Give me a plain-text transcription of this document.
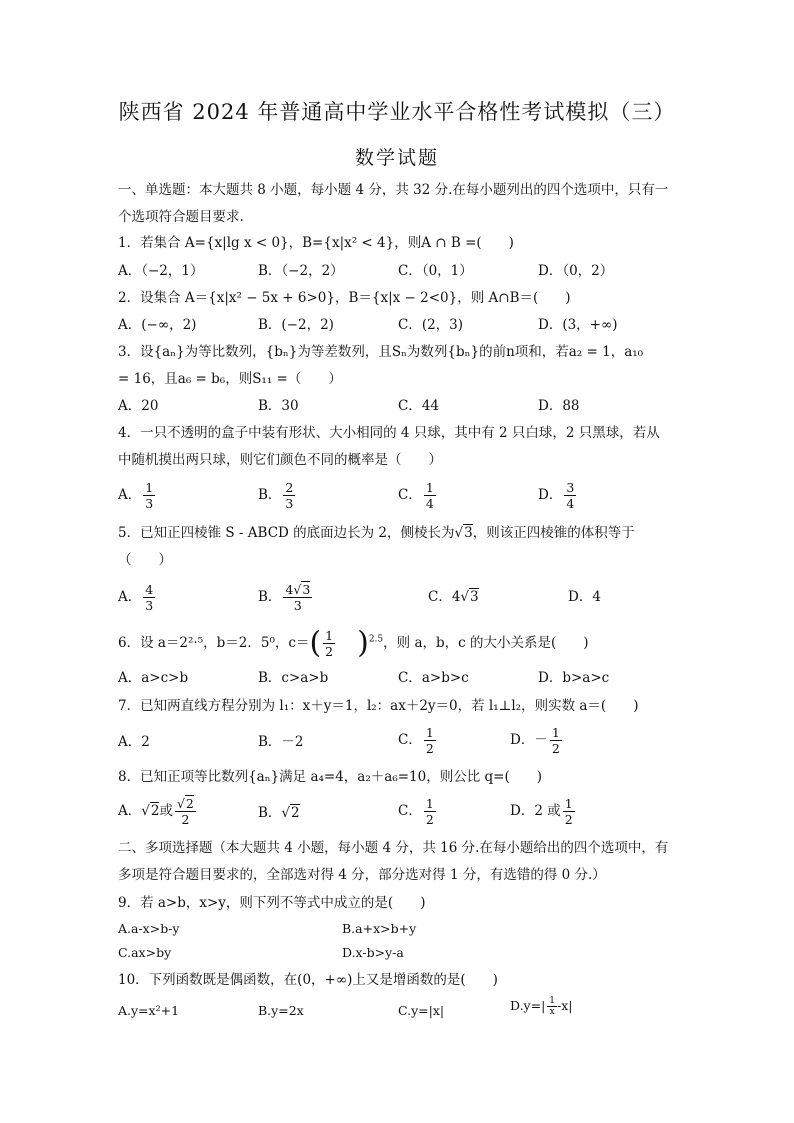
陕西省 2024 年普通高中学业水平合格性考试模拟（三）
数学试题
一、单选题：本大题共 8 小题，每小题 4 分，共 32 分.在每小题列出的四个选项中，只有一
个选项符合题目要求.
1．若集合 A={x|lg x < 0}，B={x|x² < 4}，则A ∩ B =(　　)
A．（−2，1）	B．（−2，2）	C．（0，1）	D．（0，2）
2．设集合 A＝{x|x² − 5x + 6>0}，B＝{x|x − 2<0}，则 A∩B＝(　　)
A．(−∞，2)	B．(−2，2)	C．(2，3)	D．(3，+∞)
3．设{aₙ}为等比数列，{bₙ}为等差数列，且Sₙ为数列{bₙ}的前n项和，若a₂ = 1，a₁₀
= 16，且a₆ = b₆，则S₁₁ =（　　）
A．20	B．30	C．44	D．88
4．一只不透明的盒子中装有形状、大小相同的 4 只球，其中有 2 只白球，2 只黑球，若从
中随机摸出两只球，则它们颜色不同的概率是（　　）
A． $\frac{1}{3}$	B． $\frac{2}{3}$	C． $\frac{1}{4}$	D． $\frac{3}{4}$
5．已知正四棱锥 S - ABCD 的底面边长为 2，侧棱长为√3，则该正四棱锥的体积等于
（　　）
A． $\frac{4}{3}$	B． $\frac{4√3}{3}$	C．4√3	D．4
6．设 a＝2²·⁵，b＝2．5⁰，$c=( \frac{1}{2} )^{2.5}$，则 a，b，c 的大小关系是(　　)
A．a>c>b	B．c>a>b	C．a>b>c	D．b>a>c
7．已知两直线方程分别为 l₁：x＋y＝1，l₂：ax＋2y＝0，若 l₁⊥l₂，则实数 a＝(　　)
A．2	B．－2	C． $\frac{1}{2}$	D．－ $\frac{1}{2}$
8．已知正项等比数列{aₙ}满足 a₄=4，a₂＋a₆=10，则公比 q=(　　)
A．√2或 $\frac{√2}{2}$	B．√2	C． $\frac{1}{2}$	D．2 或 $\frac{1}{2}$
二、多项选择题（本大题共 4 小题，每小题 4 分，共 16 分.在每小题给出的四个选项中，有
多项是符合题目要求的，全部选对得 4 分，部分选对得 1 分，有选错的得 0 分.）
9．若 a>b，x>y，则下列不等式中成立的是(　　)
A.a-x>b-y	B.a+x>b+y
C.ax>by	D.x-b>y-a
10．下列函数既是偶函数，在(0，+∞)上又是增函数的是(　　)
A.y=x²+1	B.y=2x	C.y=|x|	$D.y=| \frac{1}{x} -x|$
